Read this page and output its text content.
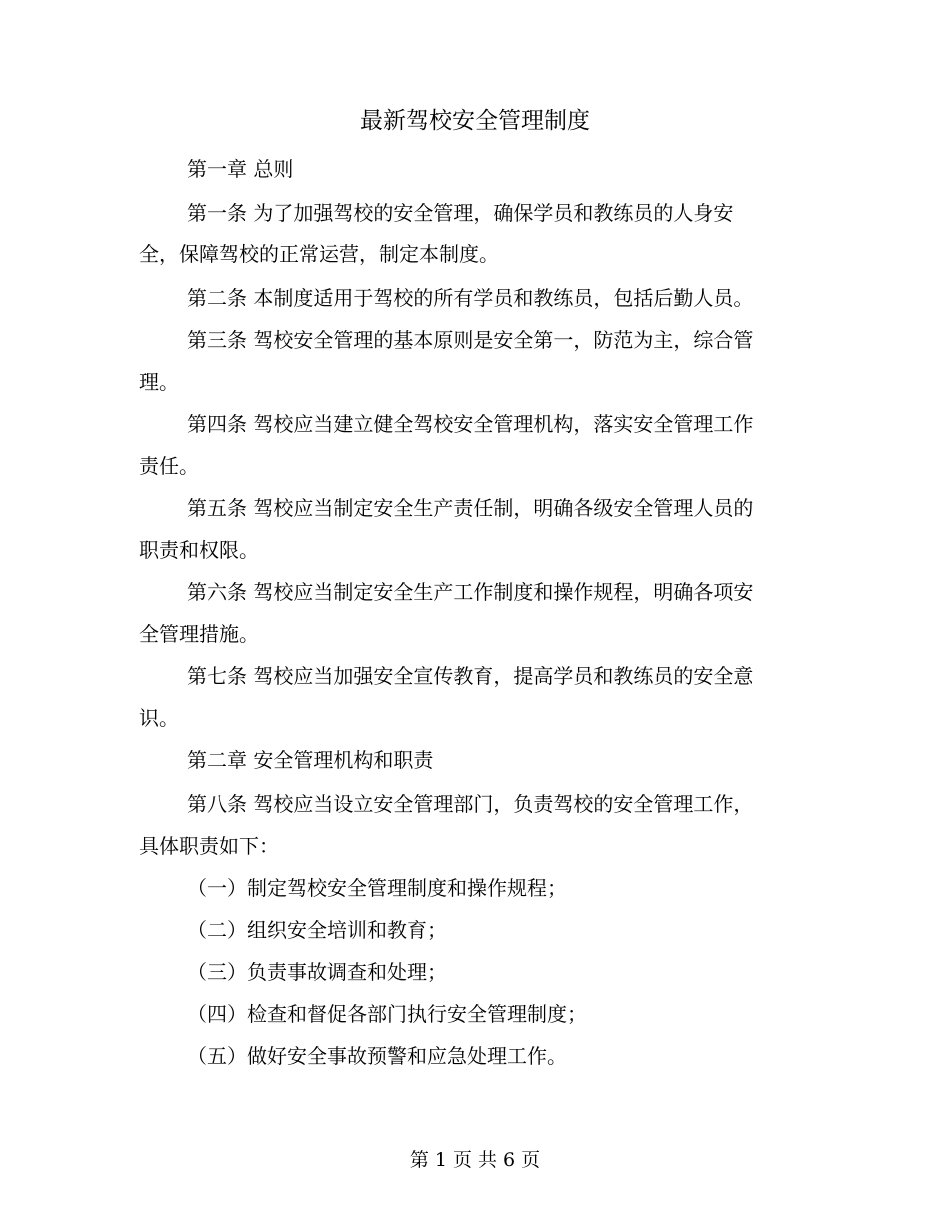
最新驾校安全管理制度
第一章 总则
第一条 为了加强驾校的安全管理，确保学员和教练员的人身安
全，保障驾校的正常运营，制定本制度。
第二条 本制度适用于驾校的所有学员和教练员，包括后勤人员。
第三条 驾校安全管理的基本原则是安全第一，防范为主，综合管
理。
第四条 驾校应当建立健全驾校安全管理机构，落实安全管理工作
责任。
第五条 驾校应当制定安全生产责任制，明确各级安全管理人员的
职责和权限。
第六条 驾校应当制定安全生产工作制度和操作规程，明确各项安
全管理措施。
第七条 驾校应当加强安全宣传教育，提高学员和教练员的安全意
识。
第二章 安全管理机构和职责
第八条 驾校应当设立安全管理部门，负责驾校的安全管理工作，
具体职责如下：
（一）制定驾校安全管理制度和操作规程；
（二）组织安全培训和教育；
（三）负责事故调查和处理；
（四）检查和督促各部门执行安全管理制度；
（五）做好安全事故预警和应急处理工作。
第 1 页 共 6 页
